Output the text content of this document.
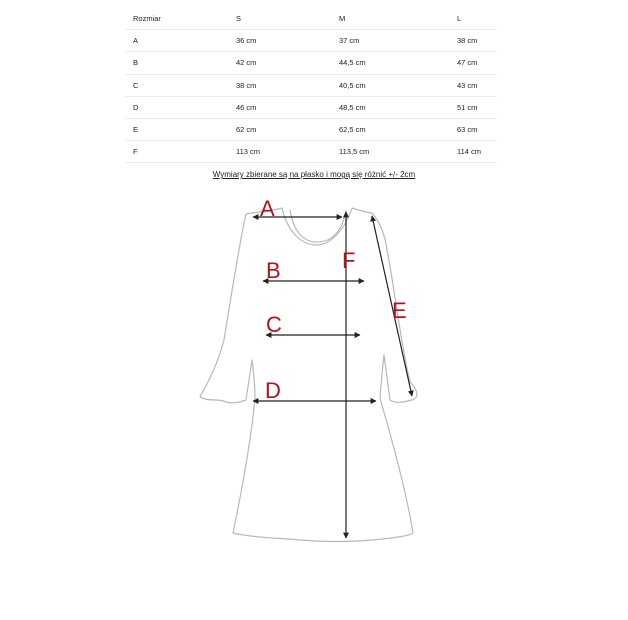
Rozmiar	S	M	L
A	36 cm	37 cm	38 cm
B	42 cm	44,5 cm	47 cm
C	38 cm	40,5 cm	43 cm
D	46 cm	48,5 cm	51 cm
E	62 cm	62,5 cm	63 cm
F	113 cm	113,5 cm	114 cm
Wymiary zbierane są na płasko i mogą się różnić +/- 2cm
A
B
C
D
E
F
